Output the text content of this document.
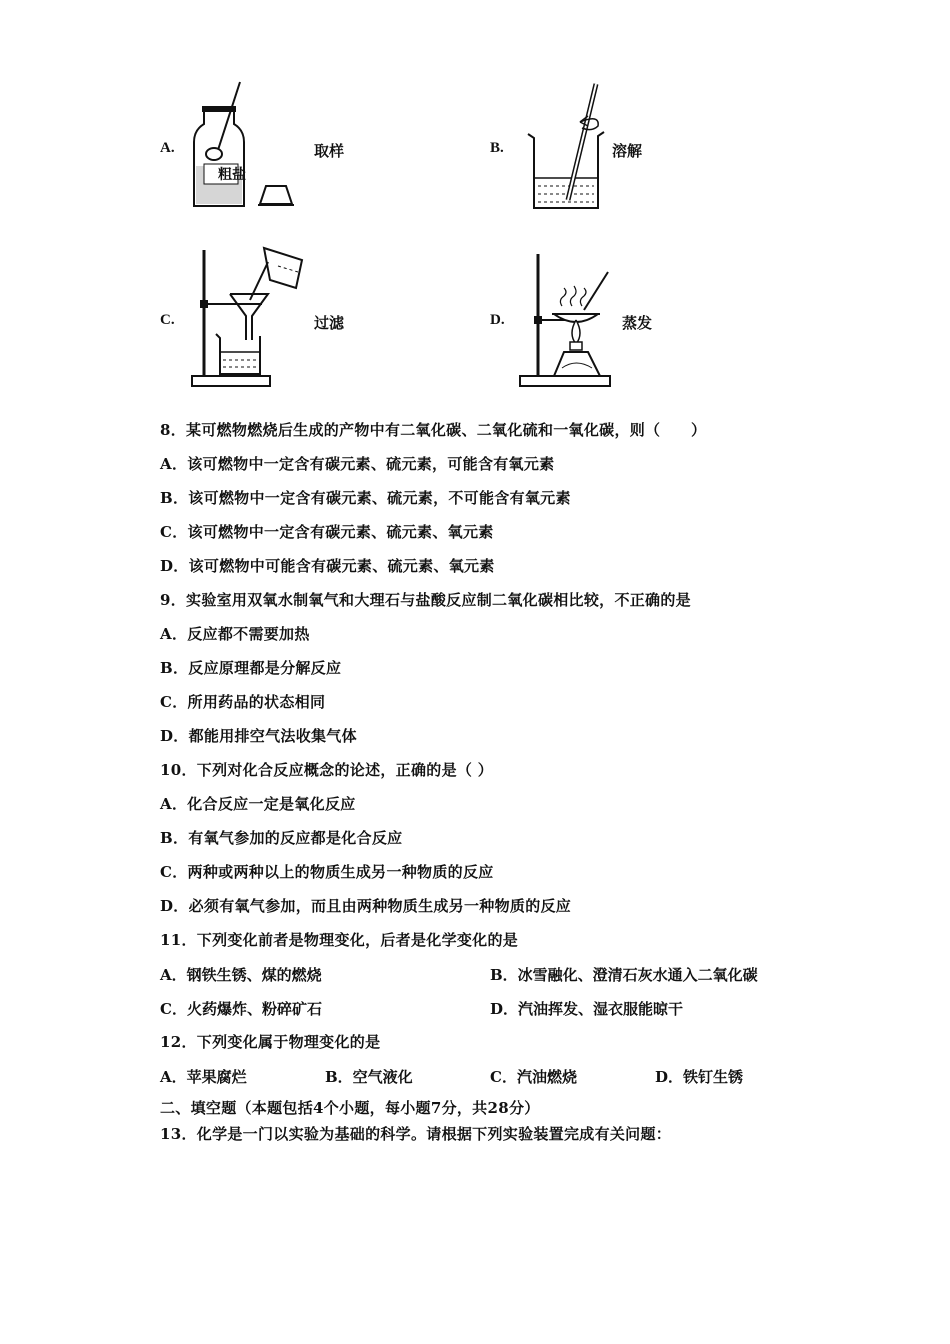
A.
粗盐
取样	B.	溶解
C.	过滤	D.	蒸发
8．某可燃物燃烧后生成的产物中有二氧化碳、二氧化硫和一氧化碳，则（　　）
A．该可燃物中一定含有碳元素、硫元素，可能含有氧元素
B．该可燃物中一定含有碳元素、硫元素，不可能含有氧元素
C．该可燃物中一定含有碳元素、硫元素、氧元素
D．该可燃物中可能含有碳元素、硫元素、氧元素
9．实验室用双氧水制氧气和大理石与盐酸反应制二氧化碳相比较，不正确的是
A．反应都不需要加热
B．反应原理都是分解反应
C．所用药品的状态相同
D．都能用排空气法收集气体
10．下列对化合反应概念的论述，正确的是（ ）
A．化合反应一定是氧化反应
B．有氧气参加的反应都是化合反应
C．两种或两种以上的物质生成另一种物质的反应
D．必须有氧气参加，而且由两种物质生成另一种物质的反应
11．下列变化前者是物理变化，后者是化学变化的是
A．钢铁生锈、煤的燃烧	B．冰雪融化、澄清石灰水通入二氧化碳
C．火药爆炸、粉碎矿石	D．汽油挥发、湿衣服能晾干
12．下列变化属于物理变化的是
A．苹果腐烂	B．空气液化	C．汽油燃烧	D．铁钉生锈
二、填空题（本题包括4个小题，每小题7分，共28分）
13．化学是一门以实验为基础的科学。请根据下列实验装置完成有关问题：
